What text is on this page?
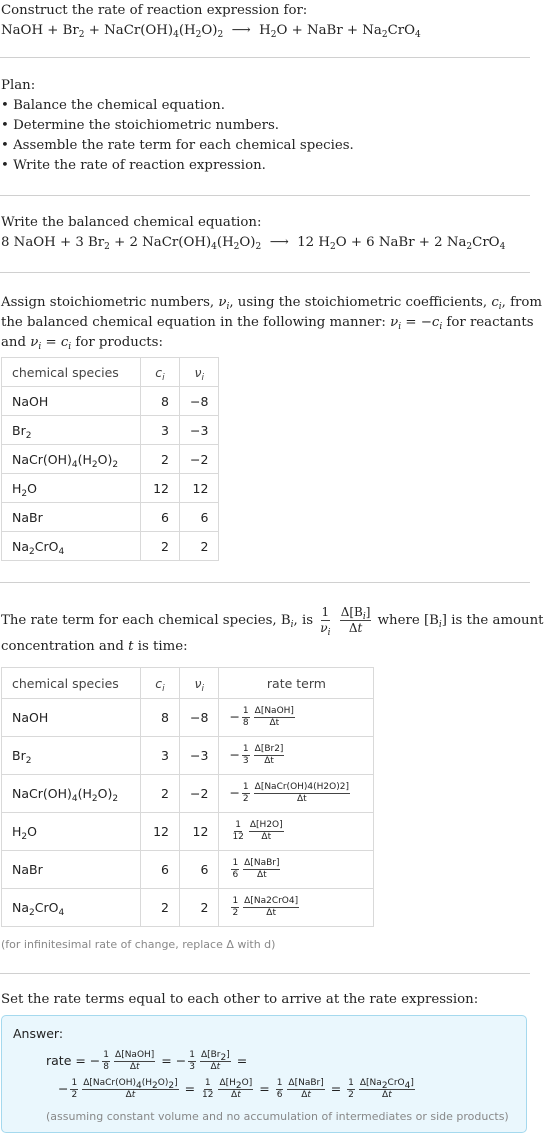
Construct the rate of reaction expression for:

NaOH + $Br_2$ + $NaCr(OH)_4(H_2O)_2$  ⟶  $H_2O$ + NaBr + $Na_2CrO_4$

Plan:

• Balance the chemical equation.

• Determine the stoichiometric numbers.

• Assemble the rate term for each chemical species.

• Write the rate of reaction expression.

Write the balanced chemical equation:

8 NaOH + 3 $Br_2 + 2$ $NaCr(OH)_4(H_2O)_2$  ⟶  12 $H_2O + 6$ NaBr + 2 $Na_2CrO_4$

Assign stoichiometric numbers, $\nu_i$, using the stoichiometric coefficients, $c_i$, from

the balanced chemical equation in the following manner: $\nu_i = -c_i$ for reactants

and $\nu_i = c_i$ for products:

chemical species	$c_i$	$\nu_i$
NaOH	8	−8
$Br_2$	3	−3
$NaCr(OH)_4(H_2O)_2$	2	−2
$H_2O$	12	12
NaBr	6	6
$Na_2CrO_4$	2	2

The rate term for each chemical species, $B_i$, is $\frac{1}{\nu_i}$
$\frac{\Delta[B_i]}{\Delta t}$ where $[B_i]$ is the amount

concentration and t is time:

chemical species	$c_i$	$\nu_i$	rate term
NaOH	8	−8	− $\frac{1}{8} \frac{\text{Δ[NaOH]}}{\Delta t}$

$Br_2$	3	−3	− $\frac{1}{3} \frac{\Delta[Br2]}{\Delta t}$

$NaCr(OH)_4(H_2O)_2$	2	−2	− $\frac{1}{2} \frac{\text{Δ[NaCr(OH)4(H2O)2]}}{\Delta t}$

$H_2O$	12	12	$\frac{1}{12} \frac{\Delta[H2O]}{\Delta t}$

NaBr	6	6	$\frac{1}{6} \frac{\text{Δ[NaBr]}}{\Delta t}$

$Na_2CrO_4$	2	2	$\frac{1}{2} \frac{\text{Δ[Na2CrO4]}}{\Delta t}$
(for infinitesimal rate of change, replace Δ with d)

Set the rate terms equal to each other to arrive at the rate expression:

Answer:
rate = − $\frac{1}{8} \frac{\text{Δ[NaOH]}}{\Delta t}$ = − $\frac{1}{3} \frac{\Delta[Br_2]}{\Delta t}$ =
− $\frac{1}{2} \frac{\Delta[NaCr(OH)_4(H_2O)_2]}{\Delta t} = \frac{1}{12} \frac{\Delta[H_2O]}{\Delta t} = \frac{1}{6} \frac{\text{Δ[NaBr]}}{\Delta t} = \frac{1}{2} \frac{\Delta[Na_2CrO_4]}{\Delta t}$
(assuming constant volume and no accumulation of intermediates or side products)
